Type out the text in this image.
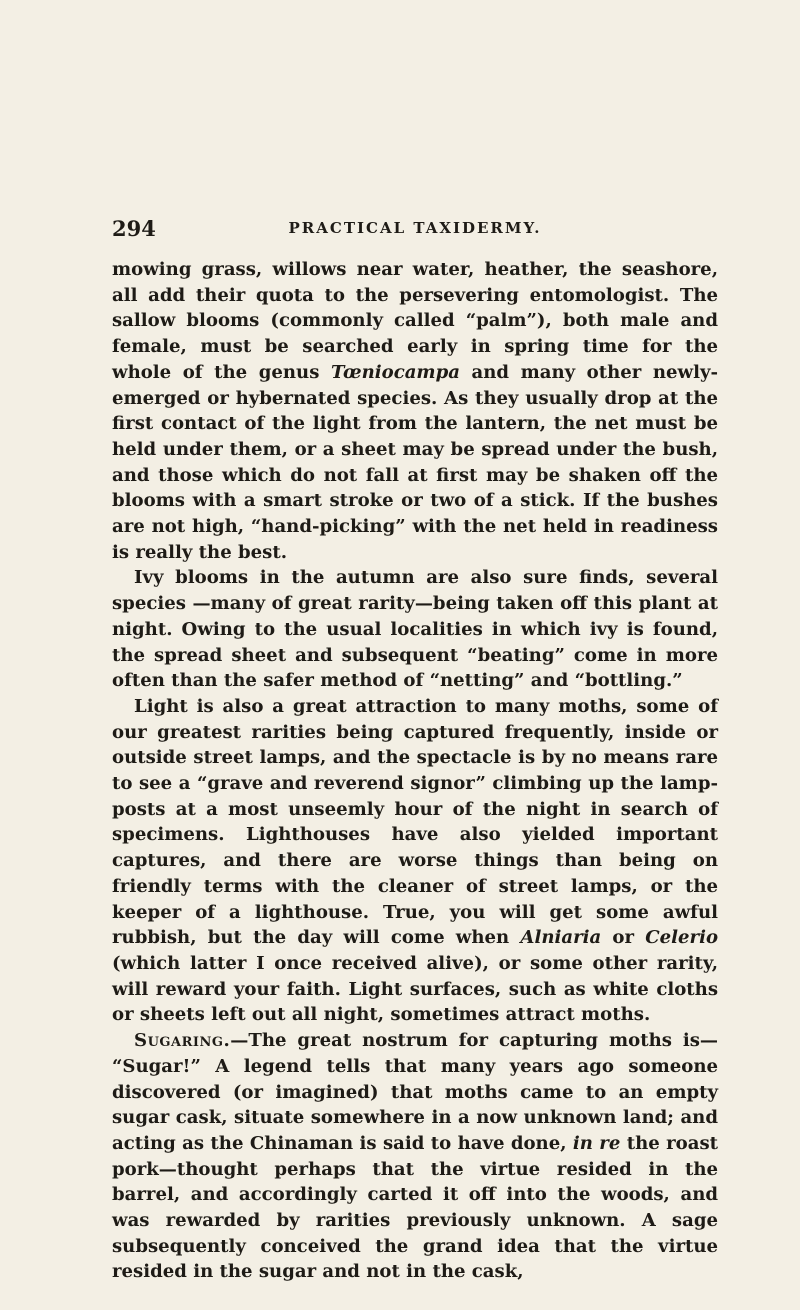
294	PRACTICAL TAXIDERMY.

mowing grass, willows near water, heather, the seashore, all add their quota to the persevering entomologist. The sallow blooms (commonly called “palm”), both male and female, must be searched early in spring time for the whole of the genus Tœniocampa and many other newly-emerged or hybernated species. As they usually drop at the first contact of the light from the lantern, the net must be held under them, or a sheet may be spread under the bush, and those which do not fall at first may be shaken off the blooms with a smart stroke or two of a stick. If the bushes are not high, “hand-picking” with the net held in readiness is really the best.

Ivy blooms in the autumn are also sure finds, several species —many of great rarity—being taken off this plant at night. Owing to the usual localities in which ivy is found, the spread sheet and subsequent “beating” come in more often than the safer method of “netting” and “bottling.”

Light is also a great attraction to many moths, some of our greatest rarities being captured frequently, inside or outside street lamps, and the spectacle is by no means rare to see a “grave and reverend signor” climbing up the lamp-posts at a most unseemly hour of the night in search of specimens. Lighthouses have also yielded important captures, and there are worse things than being on friendly terms with the cleaner of street lamps, or the keeper of a lighthouse. True, you will get some awful rubbish, but the day will come when Alniaria or Celerio (which latter I once received alive), or some other rarity, will reward your faith. Light surfaces, such as white cloths or sheets left out all night, sometimes attract moths.

Sugaring.—The great nostrum for capturing moths is— “Sugar!” A legend tells that many years ago someone discovered (or imagined) that moths came to an empty sugar cask, situate somewhere in a now unknown land; and acting as the Chinaman is said to have done, in re the roast pork—thought perhaps that the virtue resided in the barrel, and accordingly carted it off into the woods, and was rewarded by rarities previously unknown. A sage subsequently conceived the grand idea that the virtue resided in the sugar and not in the cask,
